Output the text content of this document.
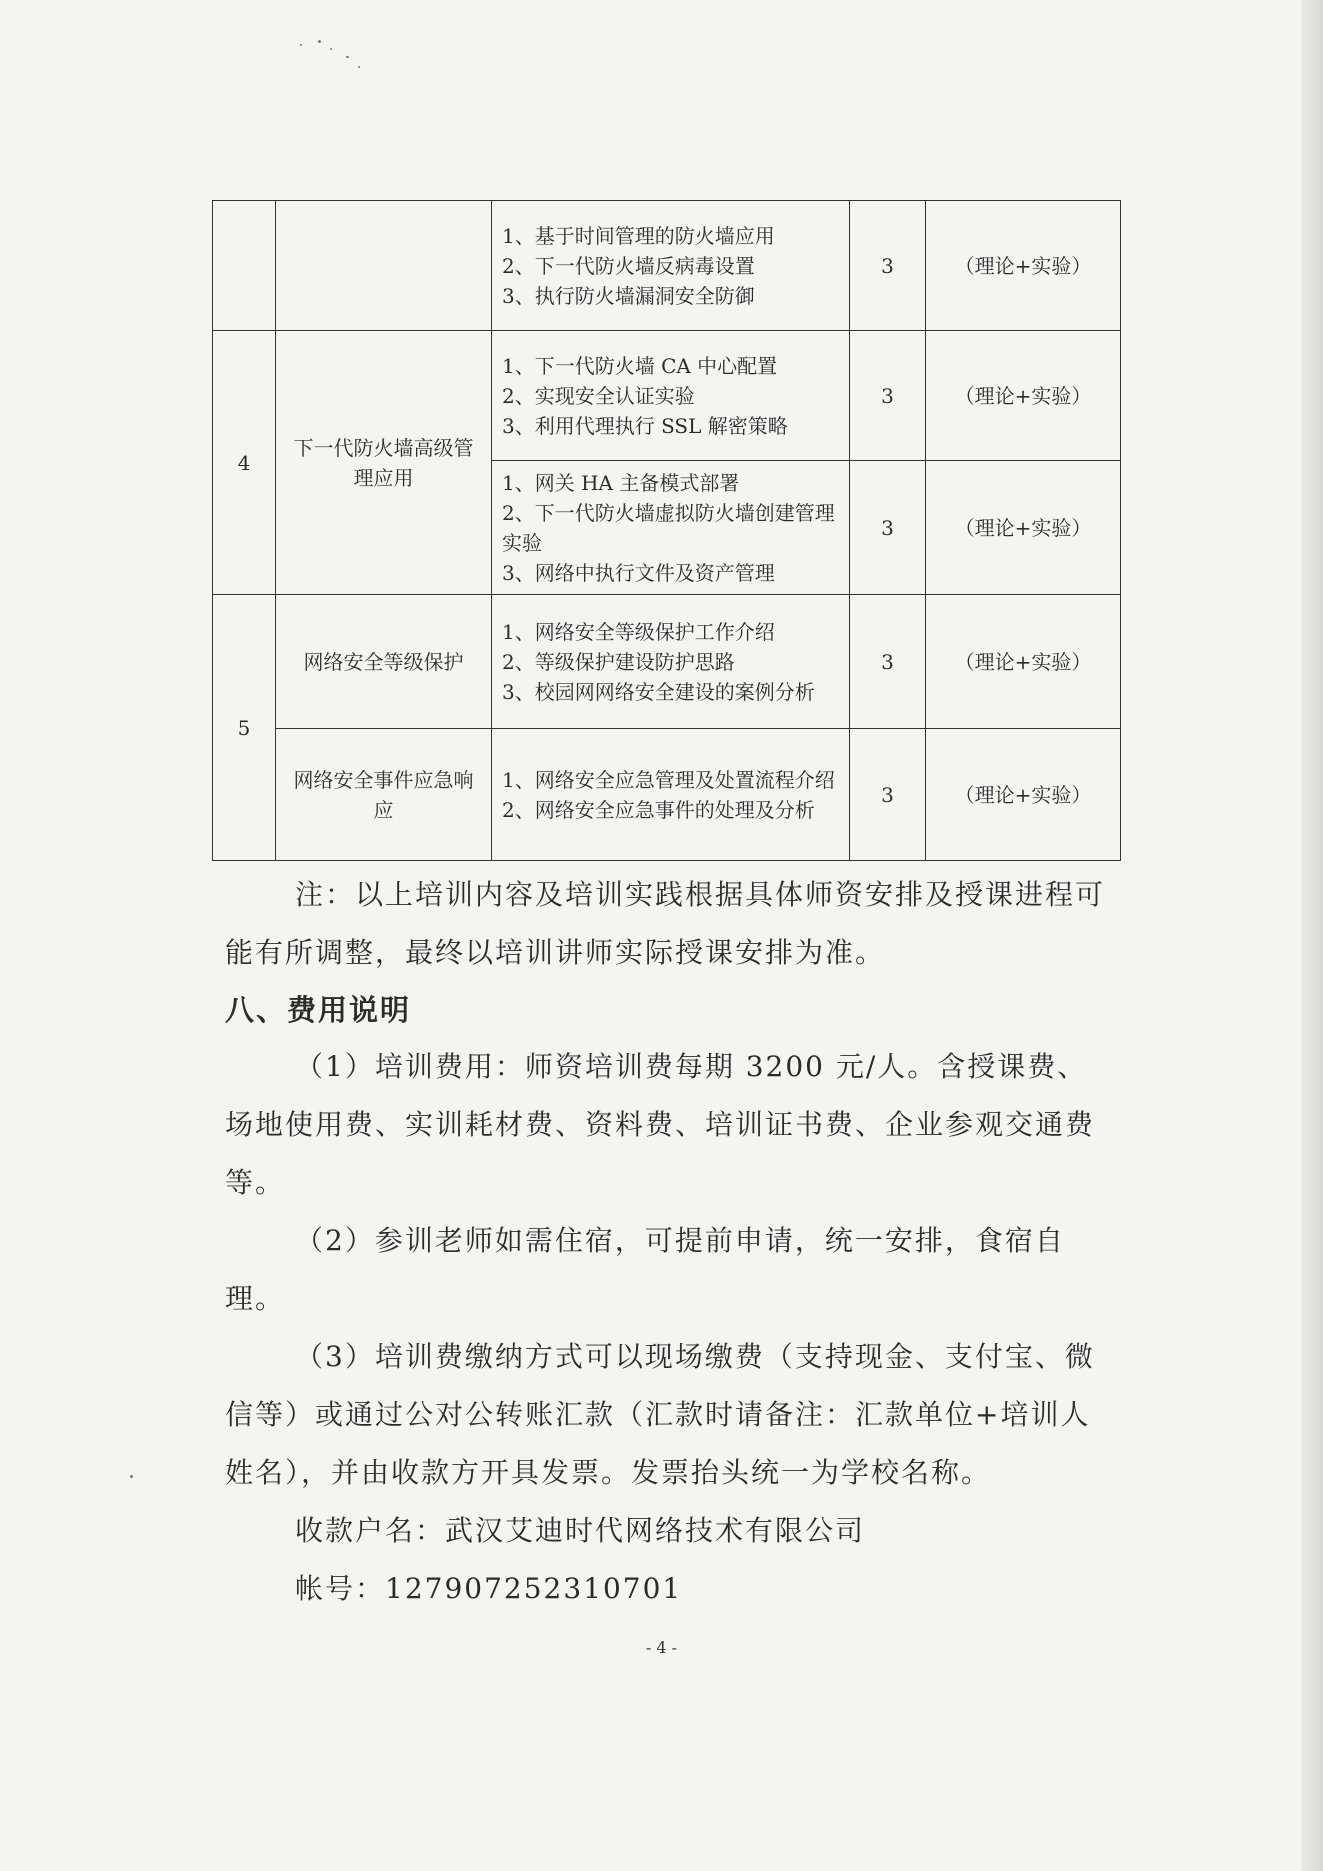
		1、基于时间管理的防火墙应用
2、下一代防火墙反病毒设置
3、执行防火墙漏洞安全防御	3	（理论+实验）
4	下一代防火墙高级管理应用	1、下一代防火墙 CA 中心配置
2、实现安全认证实验
3、利用代理执行 SSL 解密策略	3	（理论+实验）

		1、网关 HA 主备模式部署
2、下一代防火墙虚拟防火墙创建管理实验
3、网络中执行文件及资产管理	3	（理论+实验）
5	网络安全等级保护	1、网络安全等级保护工作介绍
2、等级保护建设防护思路
3、校园网网络安全建设的案例分析	3	（理论+实验）
	网络安全事件应急响应	1、网络安全应急管理及处置流程介绍
2、网络安全应急事件的处理及分析	3	（理论+实验）

注：以上培训内容及培训实践根据具体师资安排及授课进程可能有所调整，最终以培训讲师实际授课安排为准。

八、费用说明

（1）培训费用：师资培训费每期 3200 元/人。含授课费、场地使用费、实训耗材费、资料费、培训证书费、企业参观交通费等。

（2）参训老师如需住宿，可提前申请，统一安排，食宿自理。

（3）培训费缴纳方式可以现场缴费（支持现金、支付宝、微信等）或通过公对公转账汇款（汇款时请备注：汇款单位+培训人姓名），并由收款方开具发票。发票抬头统一为学校名称。

收款户名：武汉艾迪时代网络技术有限公司

帐号：127907252310701

- 4 -
